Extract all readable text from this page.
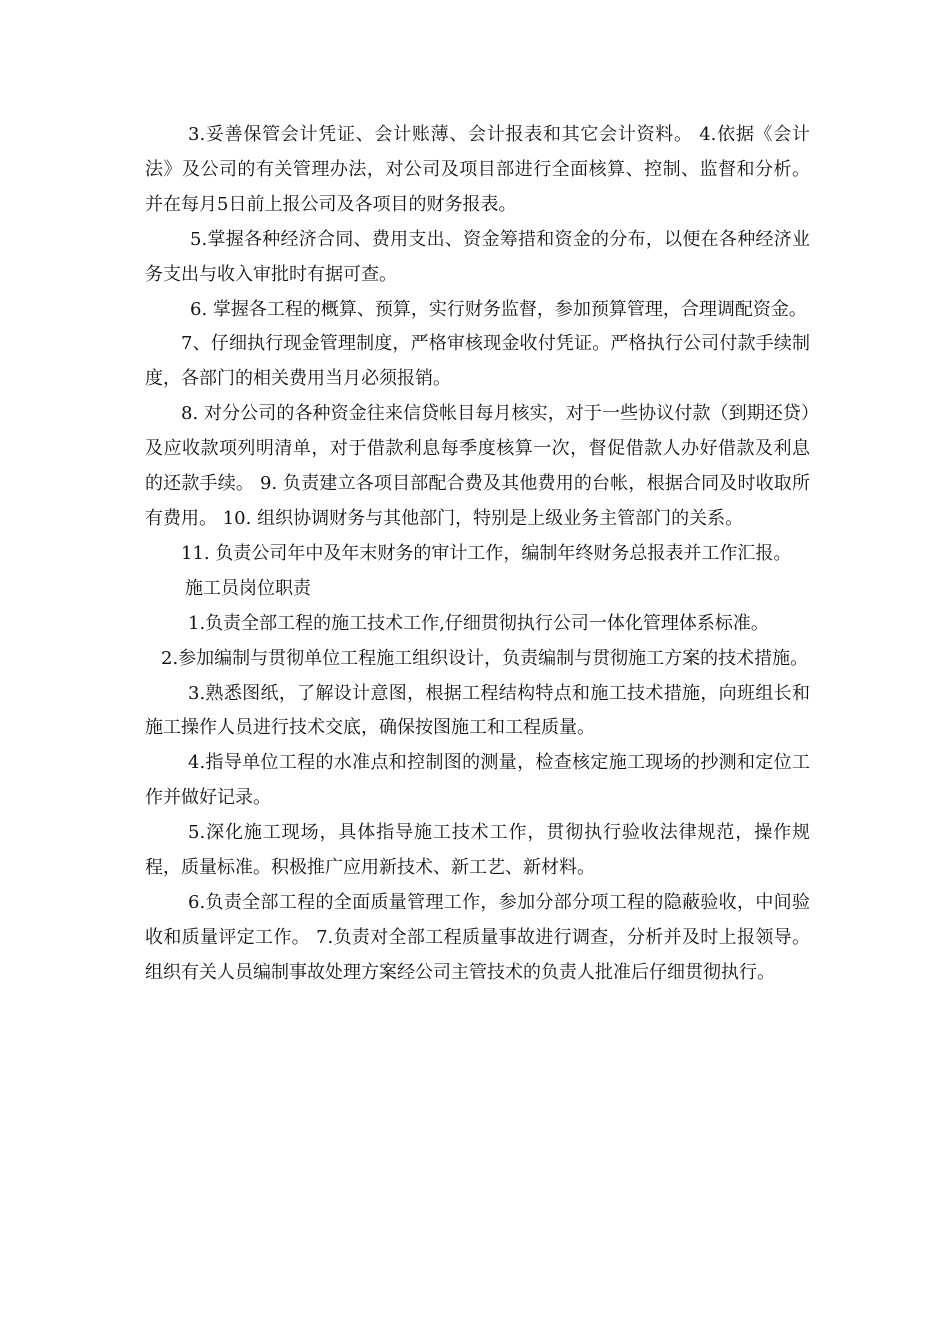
3.妥善保管会计凭证、会计账薄、会计报表和其它会计资料。 4.依据《会计法》及公司的有关管理办法，对公司及项目部进行全面核算、控制、监督和分析。并在每月5日前上报公司及各项目的财务报表。

5.掌握各种经济合同、费用支出、资金筹措和资金的分布，以便在各种经济业务支出与收入审批时有据可查。

6. 掌握各工程的概算、预算，实行财务监督，参加预算管理，合理调配资金。

7、仔细执行现金管理制度，严格审核现金收付凭证。严格执行公司付款手续制度，各部门的相关费用当月必须报销。

8. 对分公司的各种资金往来信贷帐目每月核实，对于一些协议付款（到期还贷）及应收款项列明清单，对于借款利息每季度核算一次，督促借款人办好借款及利息的还款手续。 9. 负责建立各项目部配合费及其他费用的台帐，根据合同及时收取所有费用。 10. 组织协调财务与其他部门，特别是上级业务主管部门的关系。

11. 负责公司年中及年末财务的审计工作，编制年终财务总报表并工作汇报。

施工员岗位职责

1.负责全部工程的施工技术工作,仔细贯彻执行公司一体化管理体系标准。

2.参加编制与贯彻单位工程施工组织设计，负责编制与贯彻施工方案的技术措施。

3.熟悉图纸，了解设计意图，根据工程结构特点和施工技术措施，向班组长和施工操作人员进行技术交底，确保按图施工和工程质量。

4.指导单位工程的水准点和控制图的测量，检查核定施工现场的抄测和定位工作并做好记录。

5.深化施工现场，具体指导施工技术工作，贯彻执行验收法律规范，操作规程，质量标准。积极推广应用新技术、新工艺、新材料。

6.负责全部工程的全面质量管理工作，参加分部分项工程的隐蔽验收，中间验收和质量评定工作。 7.负责对全部工程质量事故进行调查，分析并及时上报领导。组织有关人员编制事故处理方案经公司主管技术的负责人批准后仔细贯彻执行。
